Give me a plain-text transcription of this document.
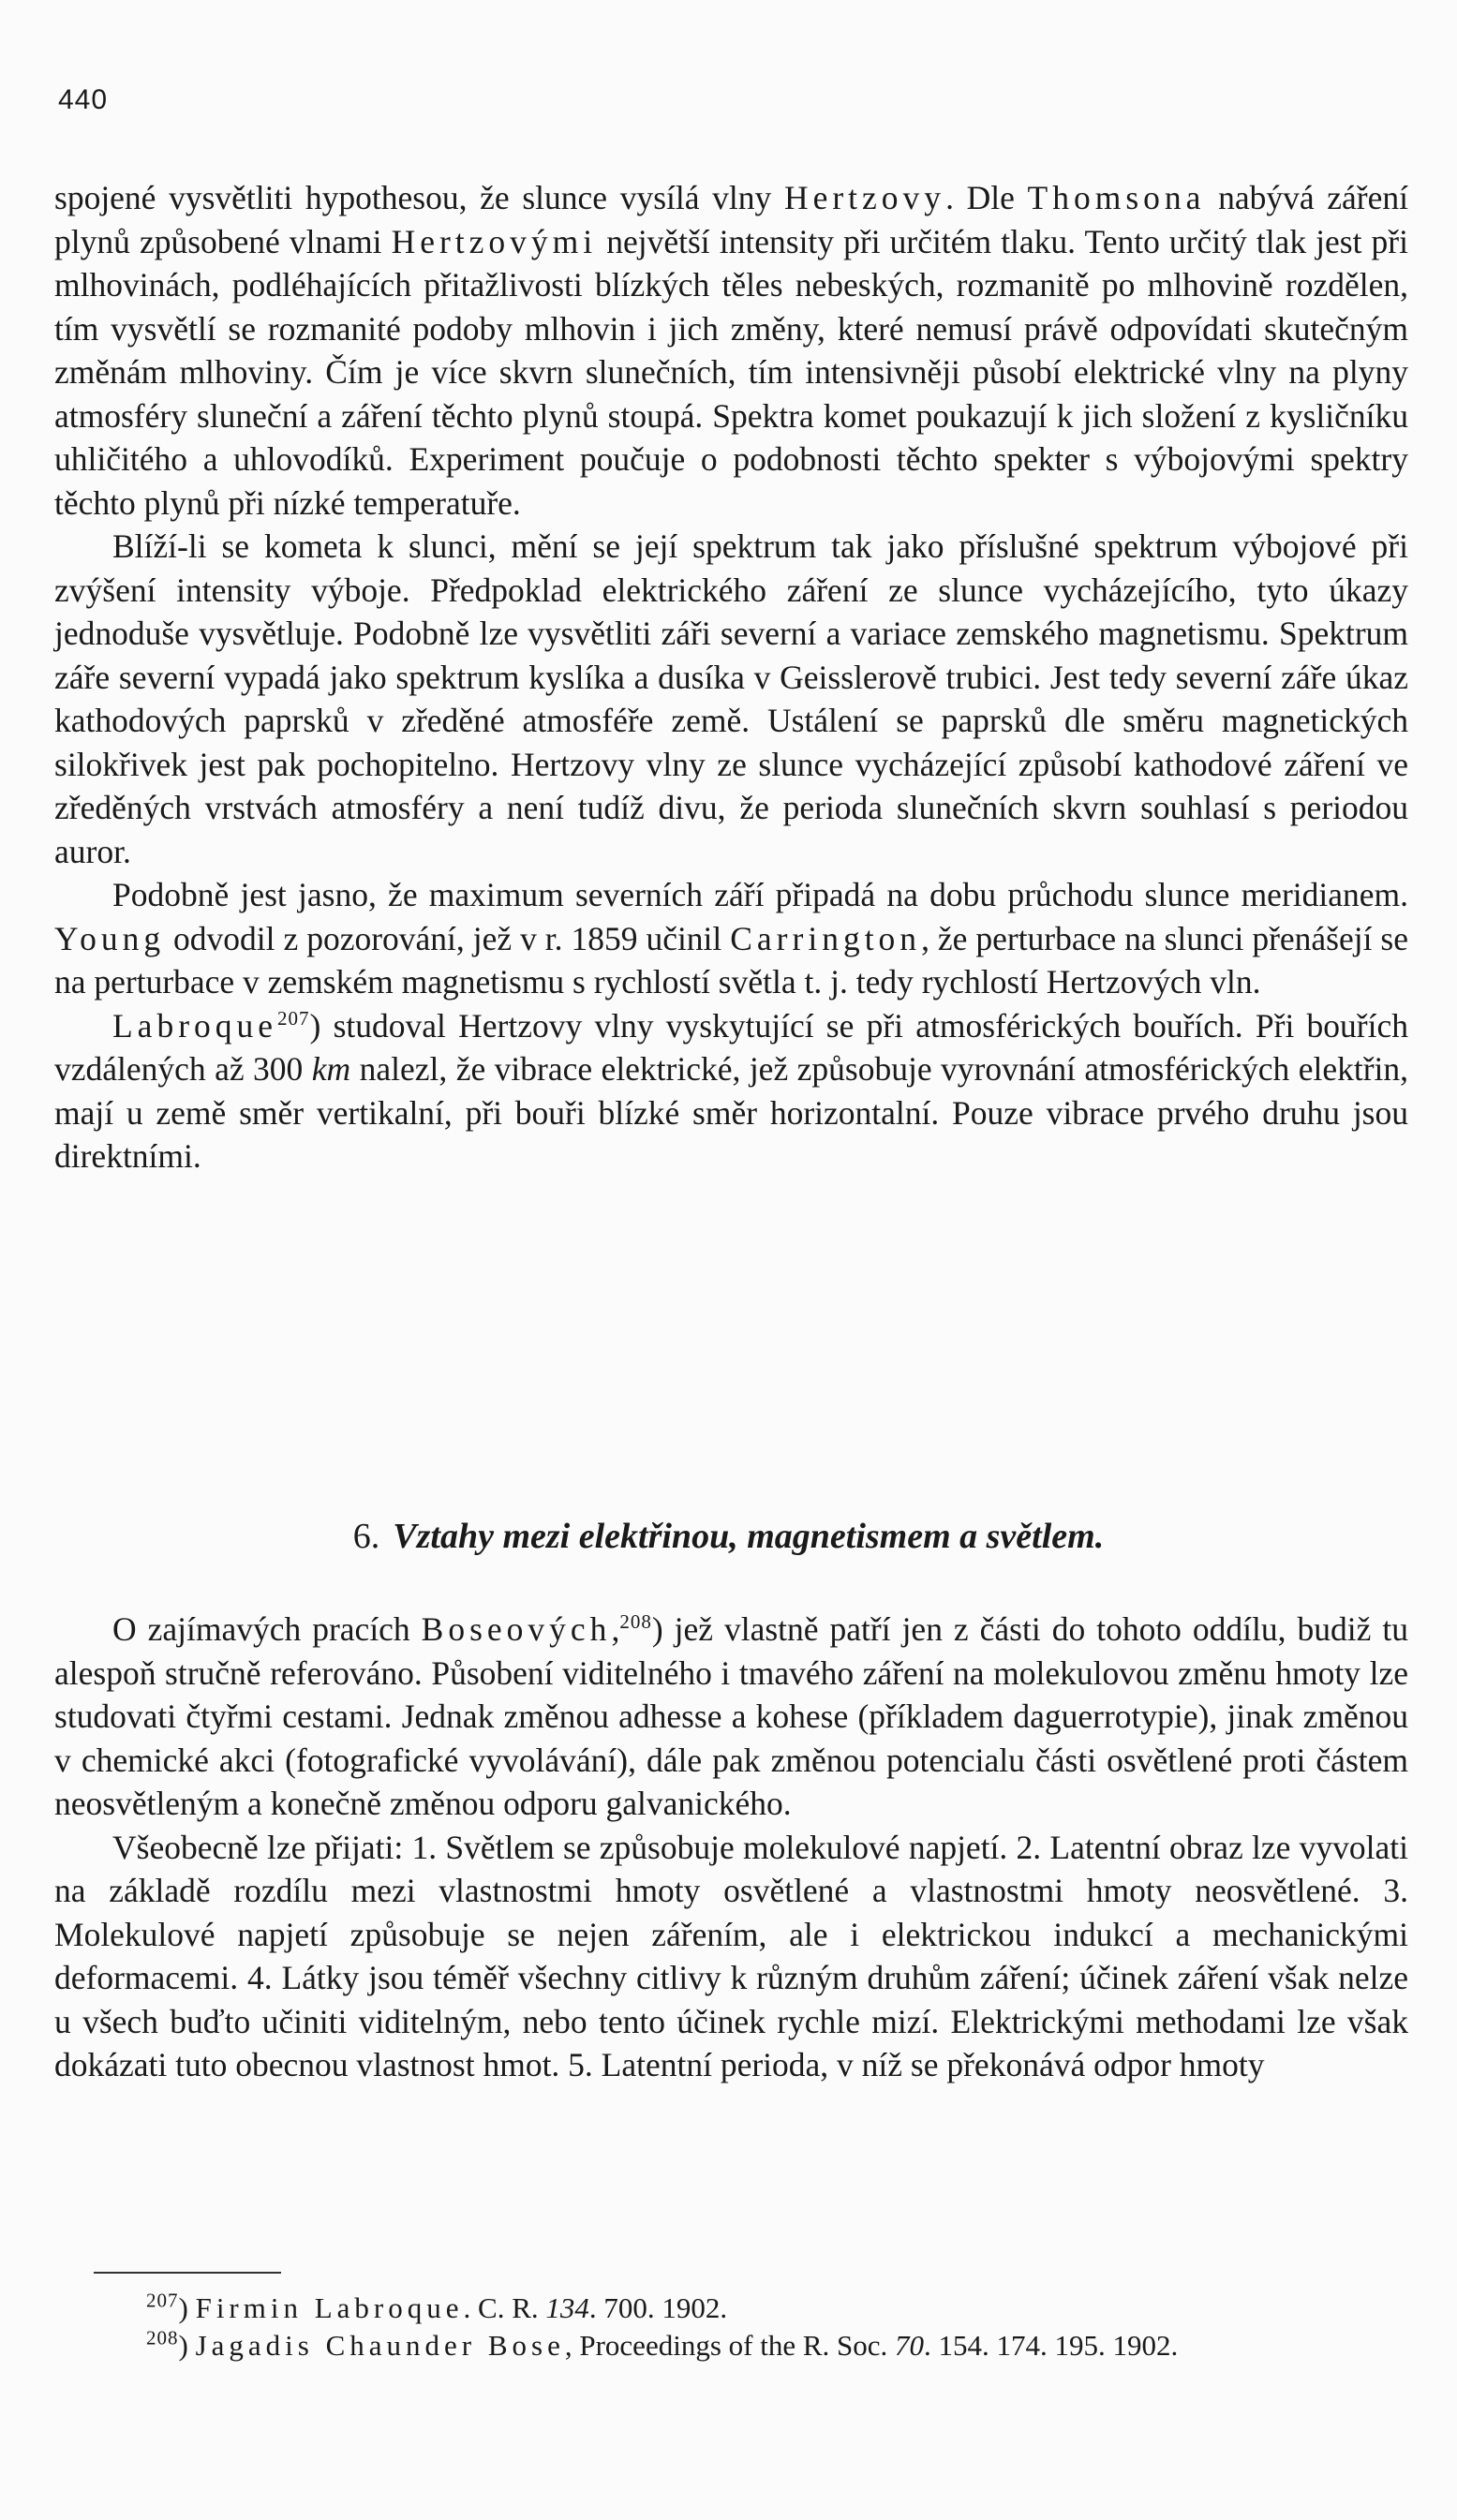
440

spojené vysvětliti hypothesou, že slunce vysílá vlny Hertzovy. Dle Thomsona nabývá záření plynů způsobené vlnami Hertzovými největší intensity při určitém tlaku. Tento určitý tlak jest při mlhovinách, podléhajících přitažlivosti blízkých těles nebeských, rozmanitě po mlhovině rozdělen, tím vysvětlí se rozmanité podoby mlhovin i jich změny, které nemusí právě odpovídati skutečným změnám mlhoviny. Čím je více skvrn slunečních, tím intensivněji působí elektrické vlny na plyny atmosféry sluneční a záření těchto plynů stoupá. Spektra komet poukazují k jich složení z kysličníku uhličitého a uhlovodíků. Experiment poučuje o podobnosti těchto spekter s výbojovými spektry těchto plynů při nízké temperatuře.

Blíží-li se kometa k slunci, mění se její spektrum tak jako příslušné spektrum výbojové při zvýšení intensity výboje. Předpoklad elektrického záření ze slunce vycházejícího, tyto úkazy jednoduše vysvětluje. Podobně lze vysvětliti záři severní a variace zemského magnetismu. Spektrum záře severní vypadá jako spektrum kyslíka a dusíka v Geisslerově trubici. Jest tedy severní záře úkaz kathodových paprsků v zředěné atmosféře země. Ustálení se paprsků dle směru magnetických silokřivek jest pak pochopitelno. Hertzovy vlny ze slunce vycházející způsobí kathodové záření ve zředěných vrstvách atmosféry a není tudíž divu, že perioda slunečních skvrn souhlasí s periodou auror.

Podobně jest jasno, že maximum severních září připadá na dobu průchodu slunce meridianem. Young odvodil z pozorování, jež v r. 1859 učinil Carrington, že perturbace na slunci přenášejí se na perturbace v zemském magnetismu s rychlostí světla t. j. tedy rychlostí Hertzových vln.

Labroque$^{207}$) studoval Hertzovy vlny vyskytující se při atmosférických bouřích. Při bouřích vzdálených až 300 km nalezl, že vibrace elektrické, jež způsobuje vyrovnání atmosférických elektřin, mají u země směr vertikalní, při bouři blízké směr horizontalní. Pouze vibrace prvého druhu jsou direktními.

6. Vztahy mezi elektřinou, magnetismem a světlem.

O zajímavých pracích Boseových,$^{208}$) jež vlastně patří jen z části do tohoto oddílu, budiž tu alespoň stručně referováno. Působení viditelného i tmavého záření na molekulovou změnu hmoty lze studovati čtyřmi cestami. Jednak změnou adhesse a kohese (příkladem daguerrotypie), jinak změnou v chemické akci (fotografické vyvolávání), dále pak změnou potencialu části osvětlené proti částem neosvětleným a konečně změnou odporu galvanického.

Všeobecně lze přijati: 1. Světlem se způsobuje molekulové napjetí. 2. Latentní obraz lze vyvolati na základě rozdílu mezi vlastnostmi hmoty osvětlené a vlastnostmi hmoty neosvětlené. 3. Molekulové napjetí způsobuje se nejen zářením, ale i elektrickou indukcí a mechanickými deformacemi. 4. Látky jsou téměř všechny citlivy k různým druhům záření; účinek záření však nelze u všech buďto učiniti viditelným, nebo tento účinek rychle mizí. Elektrickými methodami lze však dokázati tuto obecnou vlastnost hmot. 5. Latentní perioda, v níž se překonává odpor hmoty

$^{207}$) Firmin Labroque. C. R. 134. 700. 1902.

$^{208}$) Jagadis Chaunder Bose, Proceedings of the R. Soc. 70. 154. 174. 195. 1902.
